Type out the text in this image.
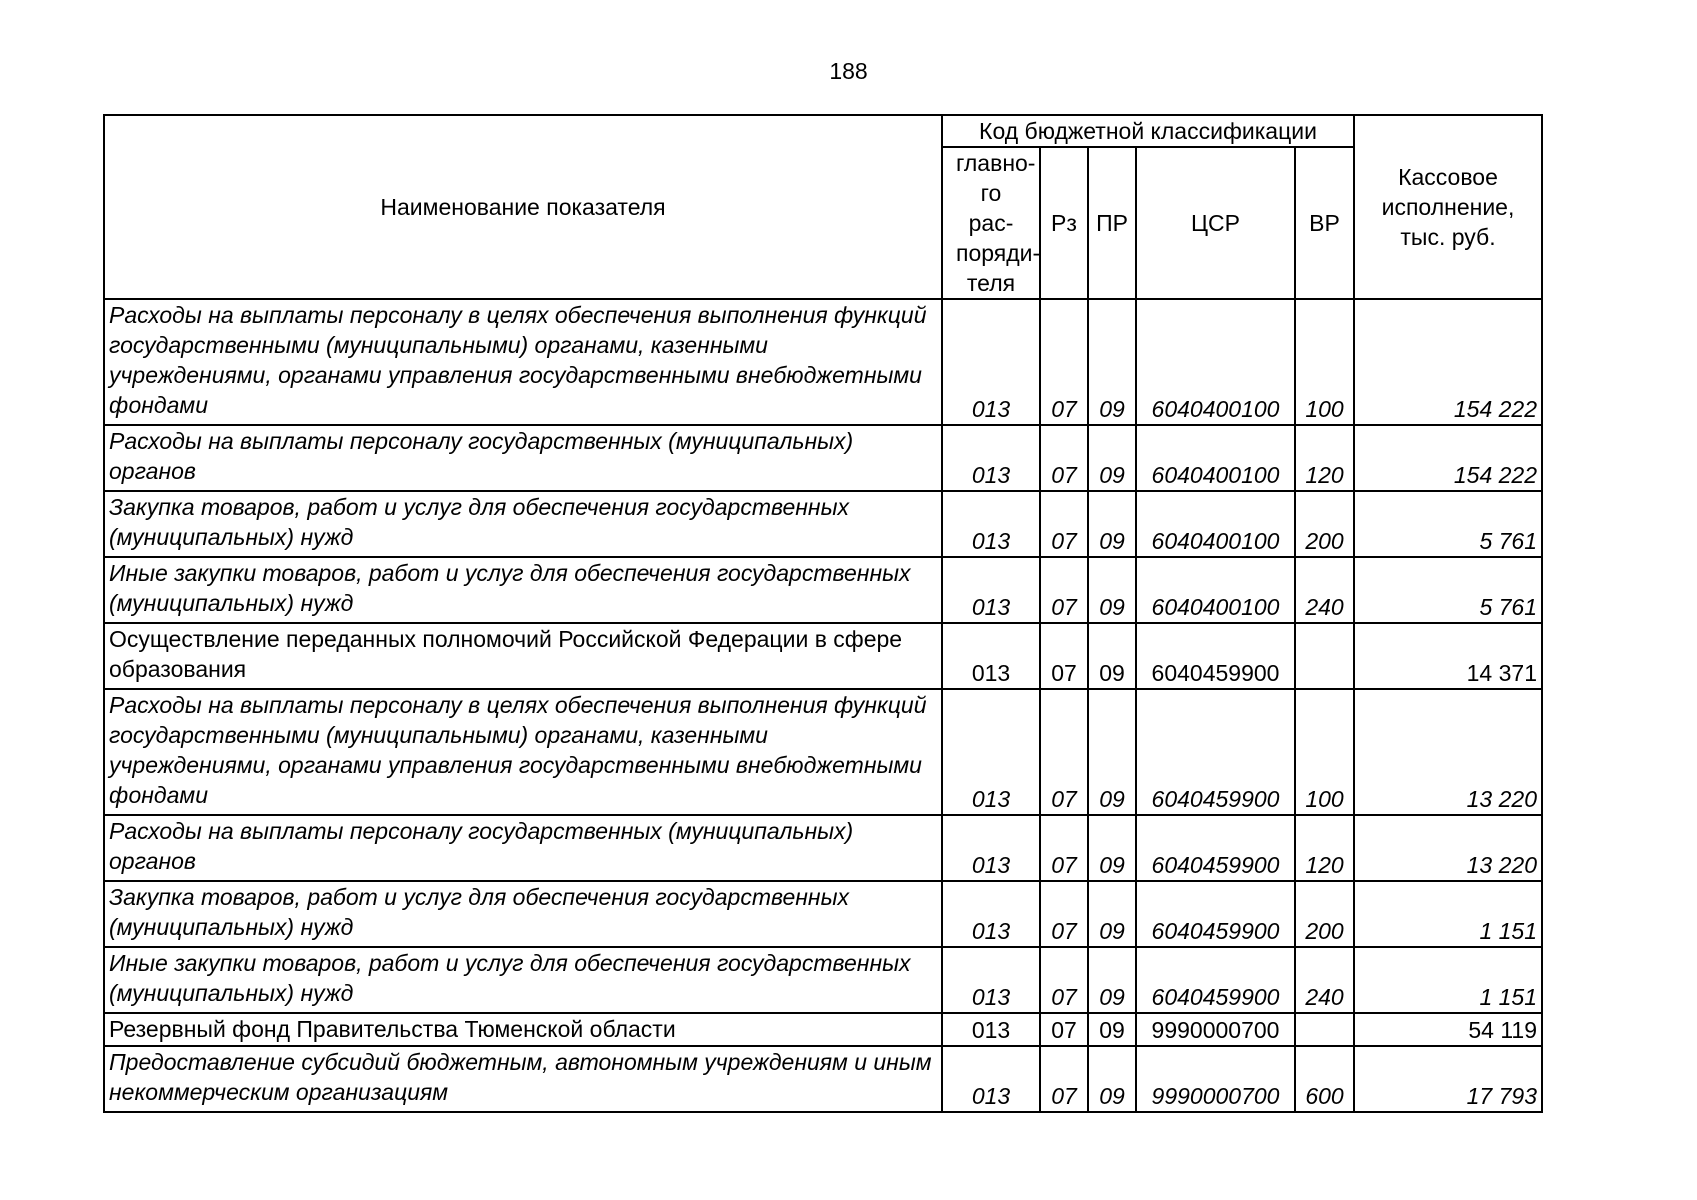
188
Наименование показателя	Код бюджетной классификации					Кассовое исполнение, тыс. руб.

	главно-го рас-поряди-теля	Рз	ПР	ЦСР	ВР	
Расходы на выплаты персоналу в целях обеспечения выполнения функций государственными (муниципальными) органами, казенными учреждениями, органами управления государственными внебюджетными фондами	013	07	09	6040400100	100	154 222
Расходы на выплаты персоналу государственных (муниципальных) органов	013	07	09	6040400100	120	154 222
Закупка товаров, работ и услуг для обеспечения государственных (муниципальных) нужд	013	07	09	6040400100	200	5 761
Иные закупки товаров, работ и услуг для обеспечения государственных (муниципальных) нужд	013	07	09	6040400100	240	5 761
Осуществление переданных полномочий Российской Федерации в сфере образования	013	07	09	6040459900		14 371
Расходы на выплаты персоналу в целях обеспечения выполнения функций государственными (муниципальными) органами, казенными учреждениями, органами управления государственными внебюджетными фондами	013	07	09	6040459900	100	13 220
Расходы на выплаты персоналу государственных (муниципальных) органов	013	07	09	6040459900	120	13 220
Закупка товаров, работ и услуг для обеспечения государственных (муниципальных) нужд	013	07	09	6040459900	200	1 151
Иные закупки товаров, работ и услуг для обеспечения государственных (муниципальных) нужд	013	07	09	6040459900	240	1 151
Резервный фонд Правительства Тюменской области	013	07	09	9990000700		54 119
Предоставление субсидий бюджетным, автономным учреждениям и иным некоммерческим организациям	013	07	09	9990000700	600	17 793
